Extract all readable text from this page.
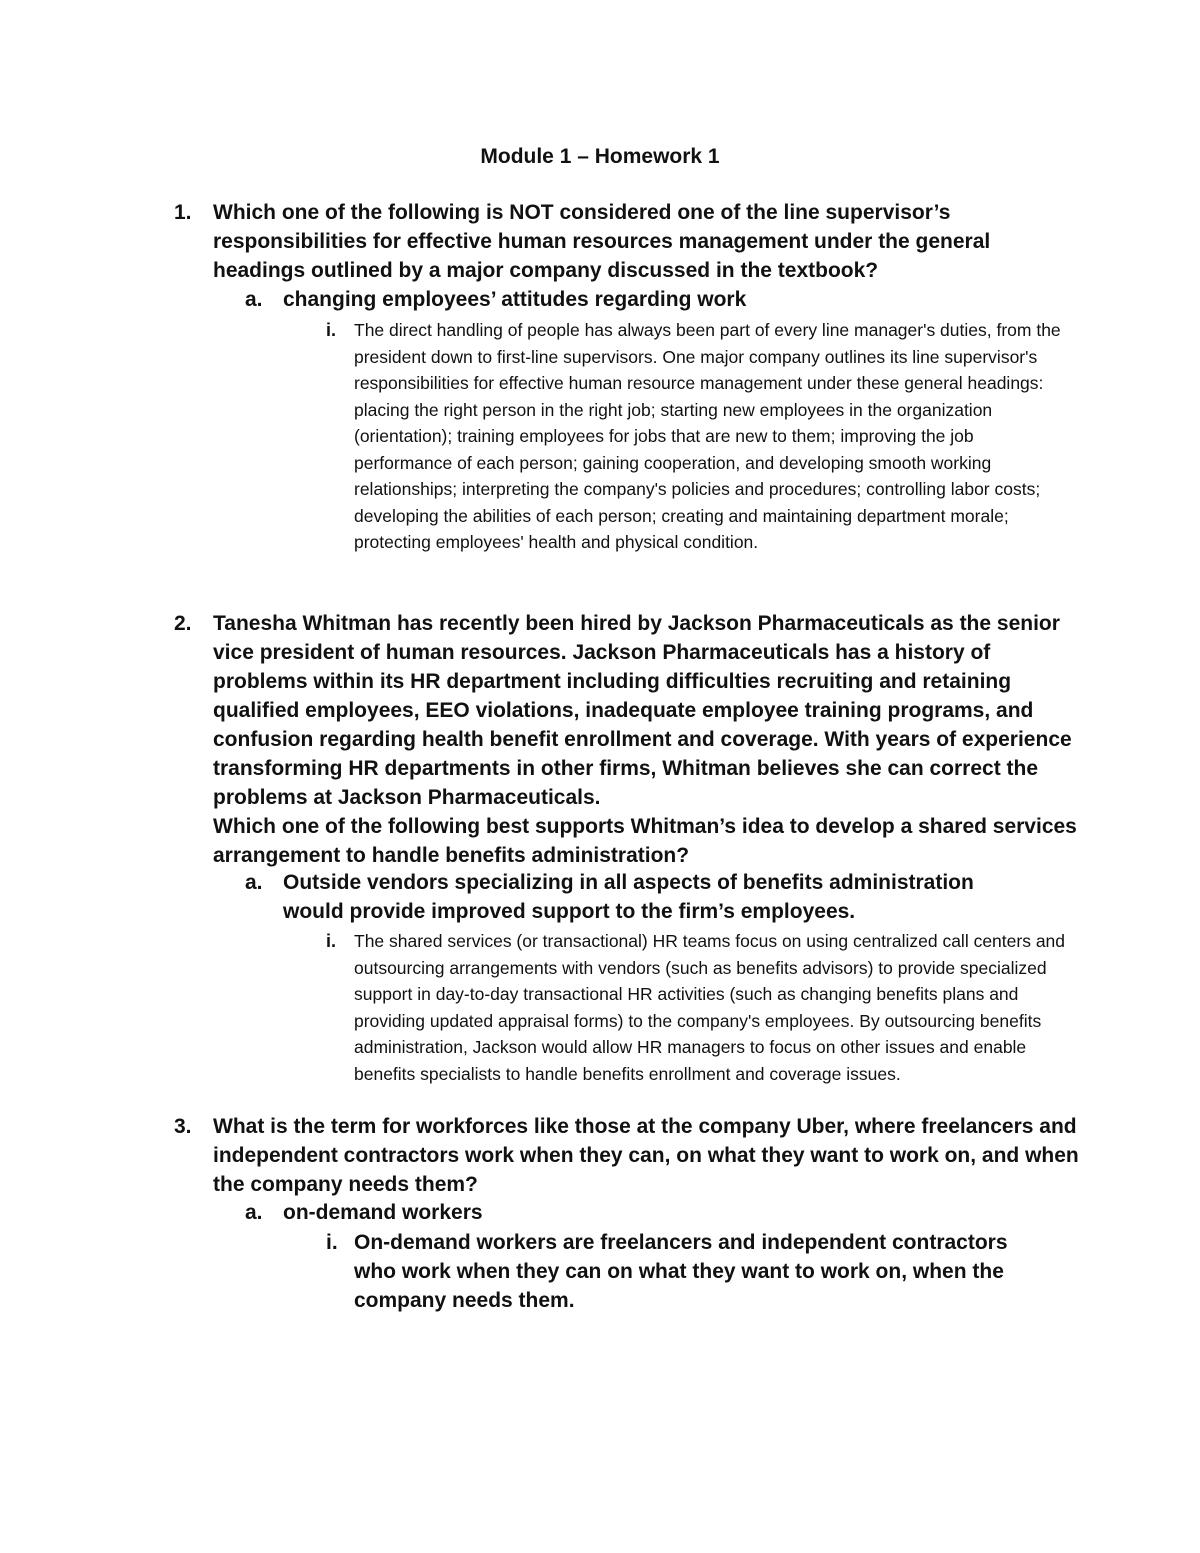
Module 1 – Homework 1
1. Which one of the following is NOT considered one of the line supervisor’s responsibilities for effective human resources management under the general headings outlined by a major company discussed in the textbook?
a. changing employees’ attitudes regarding work
i. The direct handling of people has always been part of every line manager's duties, from the president down to first-line supervisors. One major company outlines its line supervisor's responsibilities for effective human resource management under these general headings: placing the right person in the right job; starting new employees in the organization (orientation); training employees for jobs that are new to them; improving the job performance of each person; gaining cooperation, and developing smooth working relationships; interpreting the company's policies and procedures; controlling labor costs; developing the abilities of each person; creating and maintaining department morale; protecting employees' health and physical condition.
2. Tanesha Whitman has recently been hired by Jackson Pharmaceuticals as the senior vice president of human resources. Jackson Pharmaceuticals has a history of problems within its HR department including difficulties recruiting and retaining qualified employees, EEO violations, inadequate employee training programs, and confusion regarding health benefit enrollment and coverage. With years of experience transforming HR departments in other firms, Whitman believes she can correct the problems at Jackson Pharmaceuticals.
Which one of the following best supports Whitman’s idea to develop a shared services arrangement to handle benefits administration?
a. Outside vendors specializing in all aspects of benefits administration would provide improved support to the firm’s employees.
i. The shared services (or transactional) HR teams focus on using centralized call centers and outsourcing arrangements with vendors (such as benefits advisors) to provide specialized support in day-to-day transactional HR activities (such as changing benefits plans and providing updated appraisal forms) to the company's employees. By outsourcing benefits administration, Jackson would allow HR managers to focus on other issues and enable benefits specialists to handle benefits enrollment and coverage issues.
3. What is the term for workforces like those at the company Uber, where freelancers and independent contractors work when they can, on what they want to work on, and when the company needs them?
a. on-demand workers
i. On-demand workers are freelancers and independent contractors who work when they can on what they want to work on, when the company needs them.
